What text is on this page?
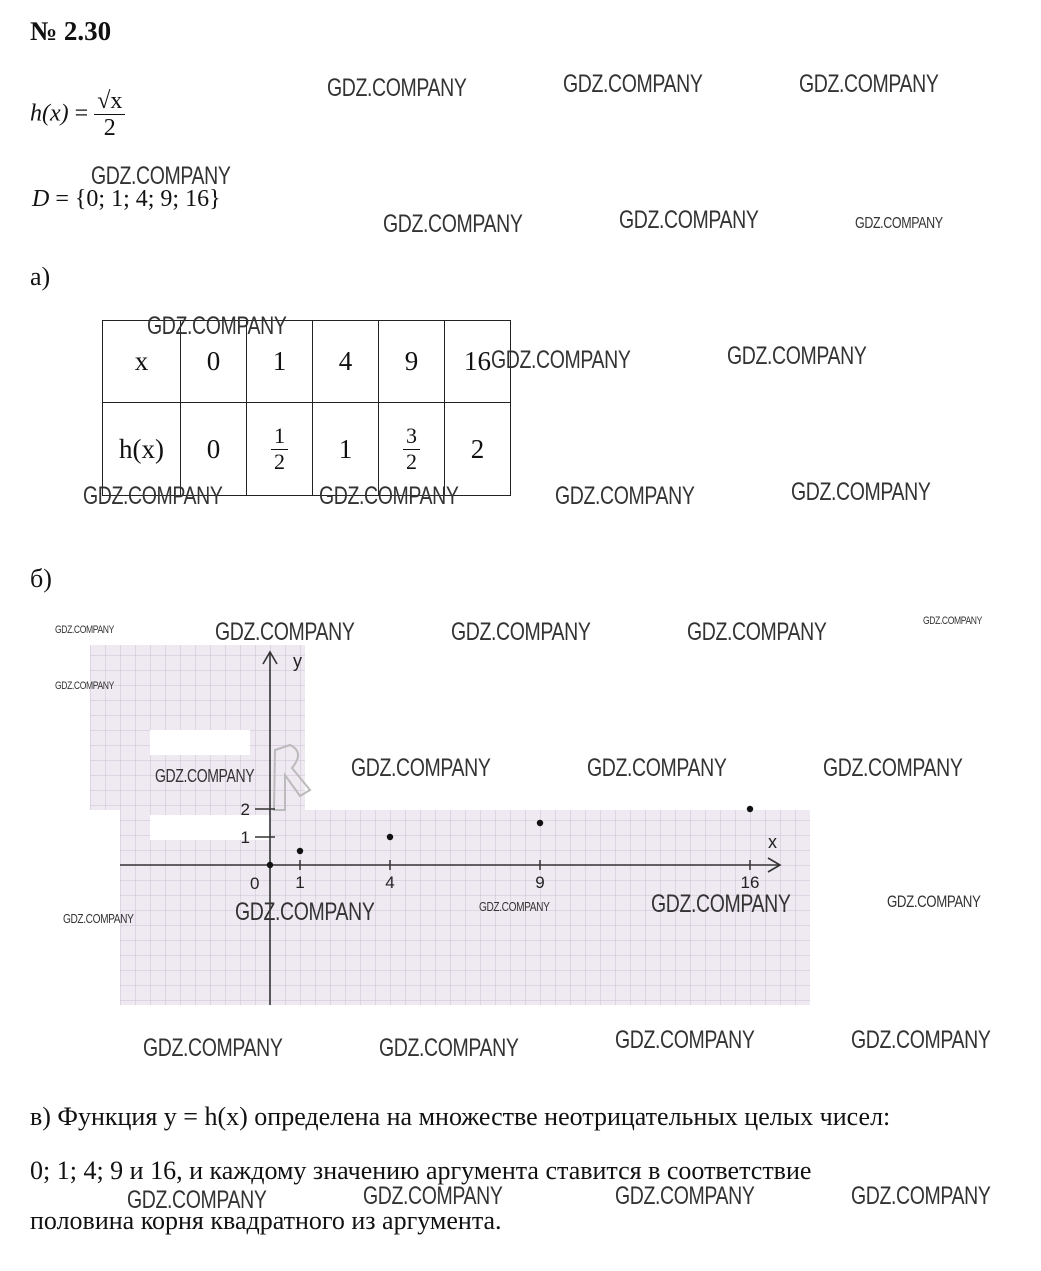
№ 2.30
$h(x) = \frac{√x}{2}$
D = {0; 1; 4; 9; 16}
а)
x	0	1	4	9	16
h(x)	0	$\frac{1}{2}$	1	$\frac{3}{2}$	2
б)
1	4	9	16
1
2
x
y
0
в) Функция y = h(x) определена на множестве неотрицательных целых чисел:
0; 1; 4; 9 и 16, и каждому значению аргумента ставится в соответствие
половина корня квадратного из аргумента.
GDZ.COMPANY	GDZ.COMPANY	GDZ.COMPANY
GDZ.COMPANY
GDZ.COMPANY	GDZ.COMPANY	GDZ.COMPANY
GDZ.COMPANY
GDZ.COMPANY	GDZ.COMPANY
GDZ.COMPANY	GDZ.COMPANY	GDZ.COMPANY	GDZ.COMPANY
GDZ.COMPANY	GDZ.COMPANY	GDZ.COMPANY	GDZ.COMPANY	GDZ.COMPANY
GDZ.COMPANY
GDZ.COMPANY	GDZ.COMPANY	GDZ.COMPANY	GDZ.COMPANY
GDZ.COMPANY
GDZ.COMPANY	GDZ.COMPANY	GDZ.COMPANY	GDZ.COMPANY
GDZ.COMPANY	GDZ.COMPANY	GDZ.COMPANY	GDZ.COMPANY
GDZ.COMPANY	GDZ.COMPANY	GDZ.COMPANY	GDZ.COMPANY
